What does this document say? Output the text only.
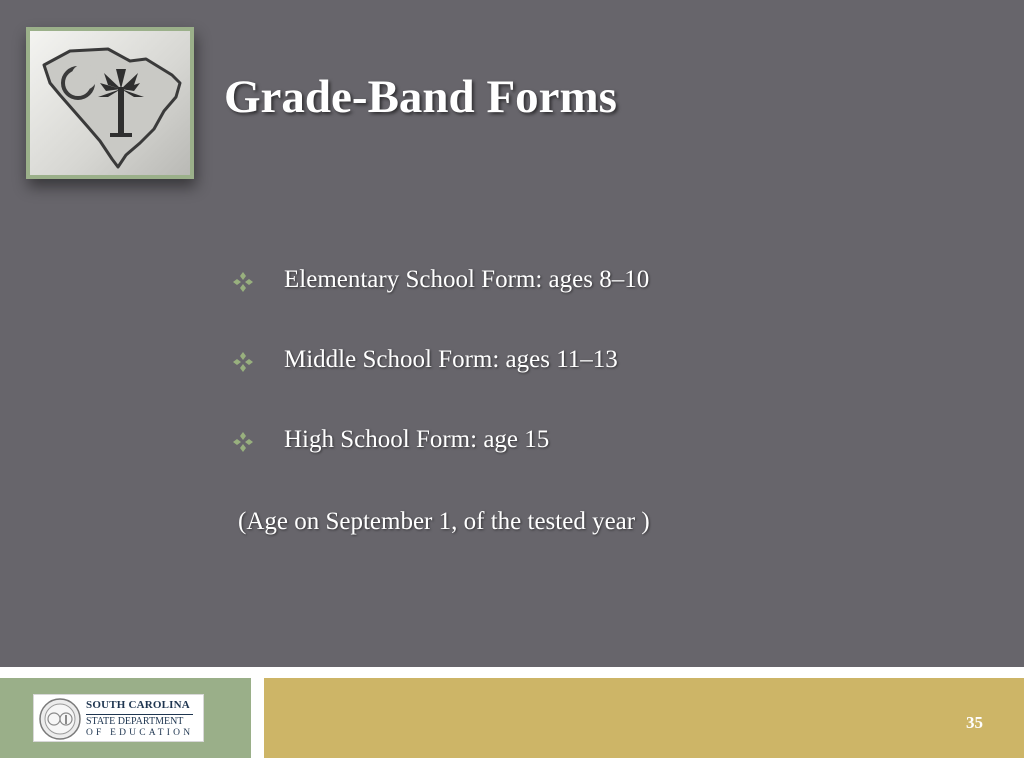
Grade-Band Forms
Elementary School Form: ages 8–10
Middle School Form: ages 11–13
High School Form: age 15
(Age on September 1, of the tested year )
SOUTH CAROLINA
STATE DEPARTMENT
OF EDUCATION
35
